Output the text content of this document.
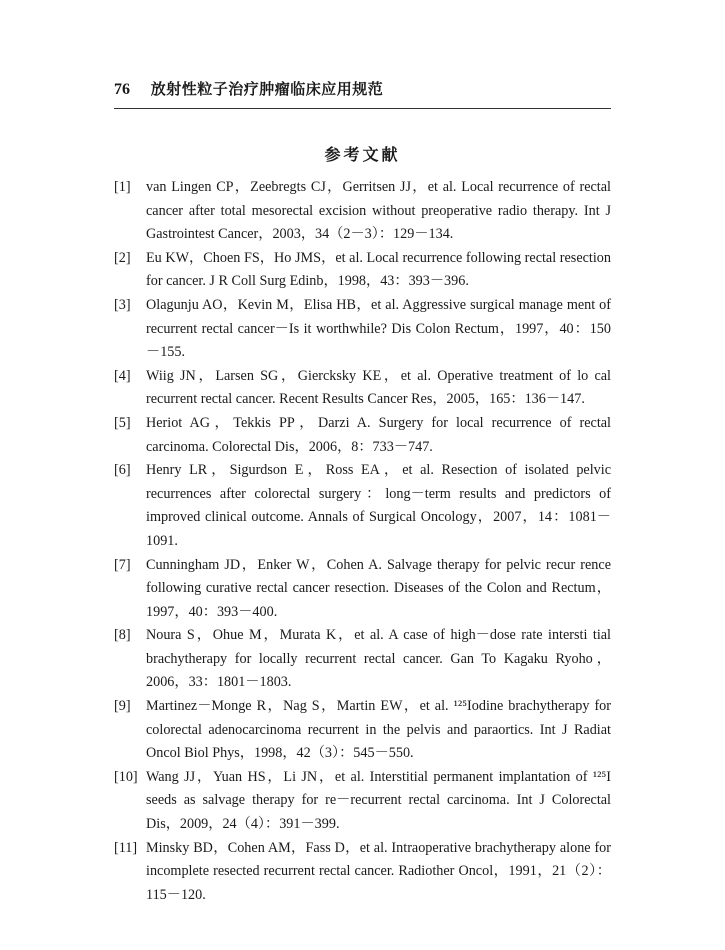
76 放射性粒子治疗肿瘤临床应用规范
参考文献
[1] van Lingen CP，Zeebregts CJ，Gerritsen JJ，et al. Local recurrence of rectal cancer after total mesorectal excision without preoperative radio therapy. Int J Gastrointest Cancer，2003，34（2－3）：129－134.
[2] Eu KW，Choen FS，Ho JMS，et al. Local recurrence following rectal resection for cancer. J R Coll Surg Edinb，1998，43：393－396.
[3] Olagunju AO，Kevin M，Elisa HB，et al. Aggressive surgical manage ment of recurrent rectal cancer－Is it worthwhile? Dis Colon Rectum，1997，40：150－155.
[4] Wiig JN，Larsen SG，Giercksky KE，et al. Operative treatment of lo cal recurrent rectal cancer. Recent Results Cancer Res，2005，165：136－147.
[5] Heriot AG，Tekkis PP，Darzi A. Surgery for local recurrence of rectal carcinoma. Colorectal Dis，2006，8：733－747.
[6] Henry LR，Sigurdson E，Ross EA，et al. Resection of isolated pelvic recurrences after colorectal surgery：long－term results and predictors of improved clinical outcome. Annals of Surgical Oncology，2007，14：1081－1091.
[7] Cunningham JD，Enker W，Cohen A. Salvage therapy for pelvic recur rence following curative rectal cancer resection. Diseases of the Colon and Rectum，1997，40：393－400.
[8] Noura S，Ohue M，Murata K，et al. A case of high－dose rate intersti tial brachytherapy for locally recurrent rectal cancer. Gan To Kagaku Ryoho，2006，33：1801－1803.
[9] Martinez－Monge R，Nag S，Martin EW，et al. ¹²⁵Iodine brachytherapy for colorectal adenocarcinoma recurrent in the pelvis and paraortics. Int J Radiat Oncol Biol Phys，1998，42（3）：545－550.
[10] Wang JJ，Yuan HS，Li JN，et al. Interstitial permanent implantation of ¹²⁵I seeds as salvage therapy for re－recurrent rectal carcinoma. Int J Colorectal Dis，2009，24（4）：391－399.
[11] Minsky BD，Cohen AM，Fass D，et al. Intraoperative brachytherapy alone for incomplete resected recurrent rectal cancer. Radiother Oncol，1991，21（2）：115－120.
